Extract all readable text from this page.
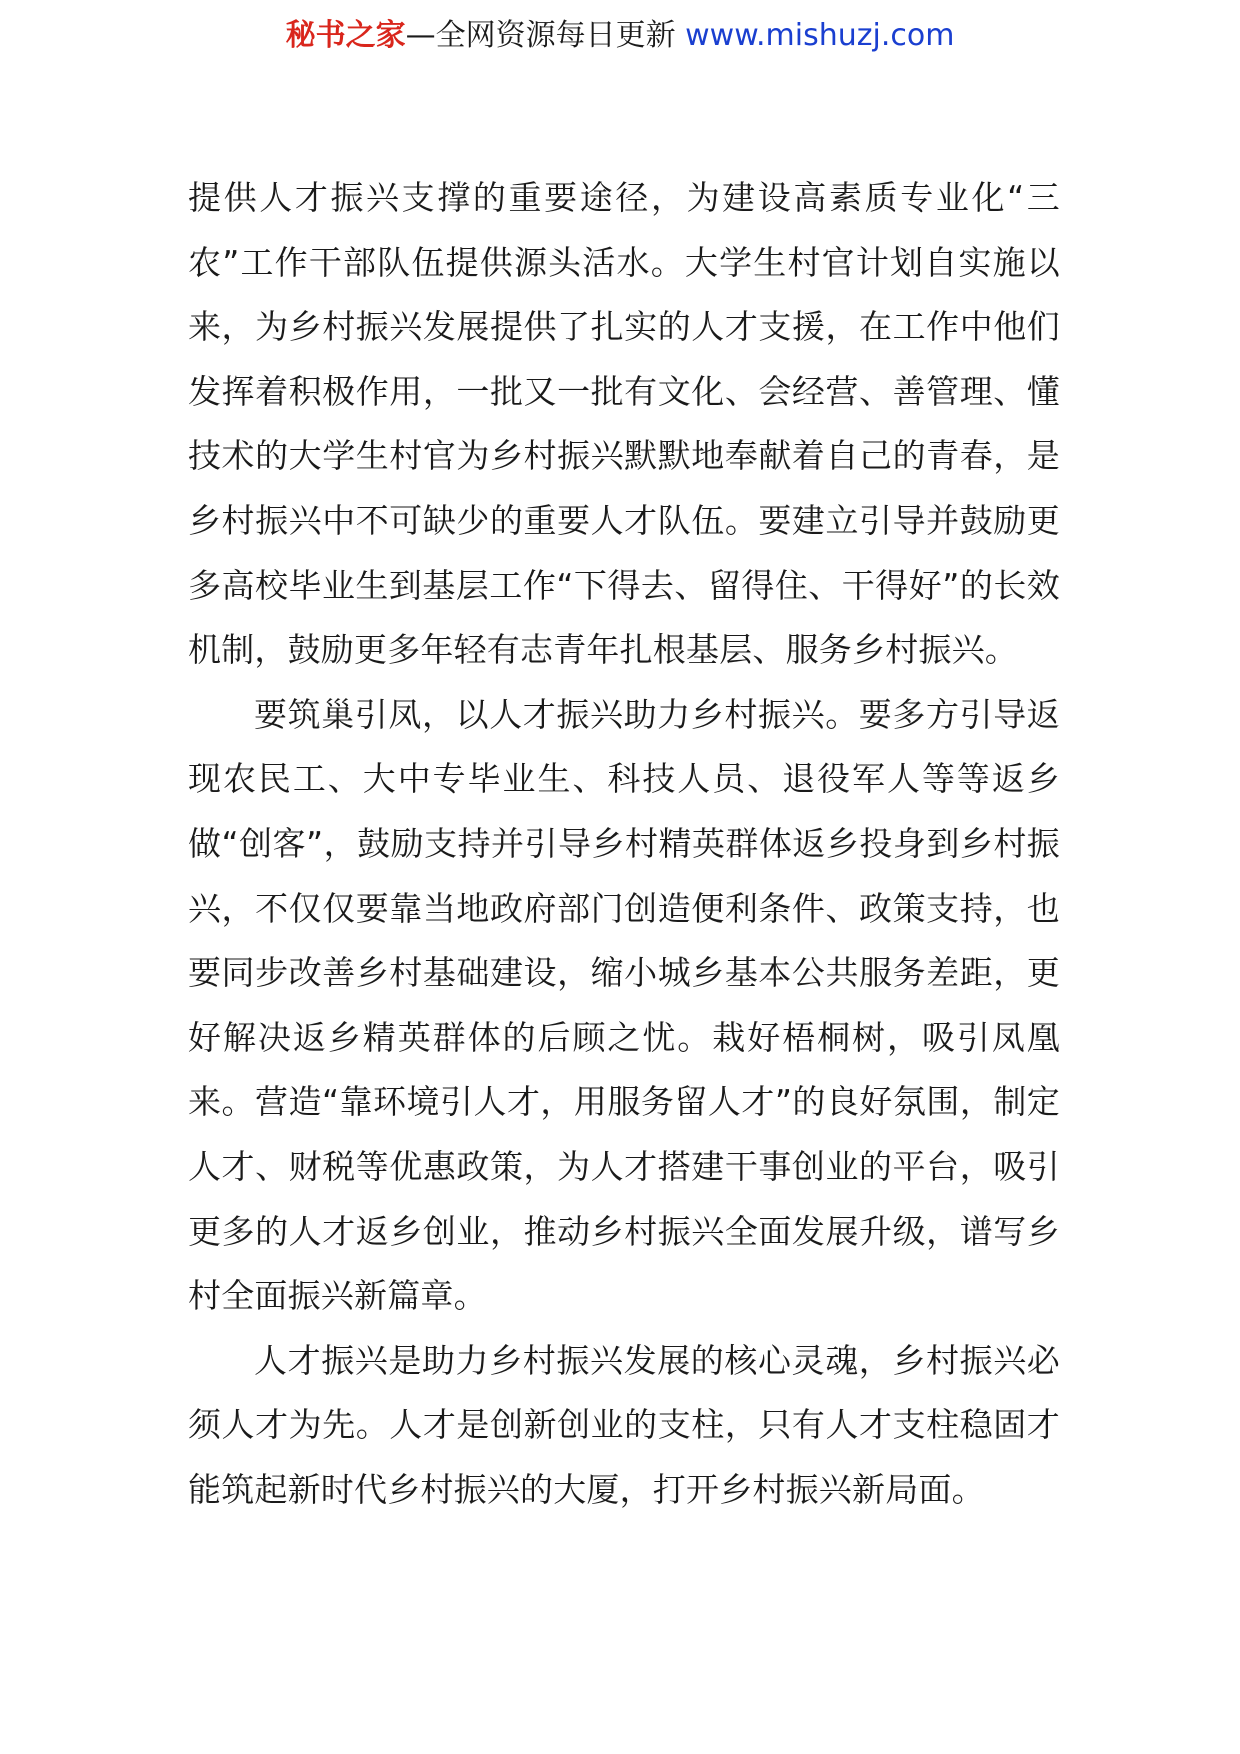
秘书之家—全网资源每日更新 www.mishuzj.com

提供人才振兴支撑的重要途径，为建设高素质专业化“三农”工作干部队伍提供源头活水。大学生村官计划自实施以来，为乡村振兴发展提供了扎实的人才支援，在工作中他们发挥着积极作用，一批又一批有文化、会经营、善管理、懂技术的大学生村官为乡村振兴默默地奉献着自己的青春，是乡村振兴中不可缺少的重要人才队伍。要建立引导并鼓励更多高校毕业生到基层工作“下得去、留得住、干得好”的长效机制，鼓励更多年轻有志青年扎根基层、服务乡村振兴。

要筑巢引凤，以人才振兴助力乡村振兴。要多方引导返现农民工、大中专毕业生、科技人员、退役军人等等返乡做“创客”，鼓励支持并引导乡村精英群体返乡投身到乡村振兴，不仅仅要靠当地政府部门创造便利条件、政策支持，也要同步改善乡村基础建设，缩小城乡基本公共服务差距，更好解决返乡精英群体的后顾之忧。栽好梧桐树，吸引凤凰来。营造“靠环境引人才，用服务留人才”的良好氛围，制定人才、财税等优惠政策，为人才搭建干事创业的平台，吸引更多的人才返乡创业，推动乡村振兴全面发展升级，谱写乡村全面振兴新篇章。

人才振兴是助力乡村振兴发展的核心灵魂，乡村振兴必须人才为先。人才是创新创业的支柱，只有人才支柱稳固才能筑起新时代乡村振兴的大厦，打开乡村振兴新局面。
